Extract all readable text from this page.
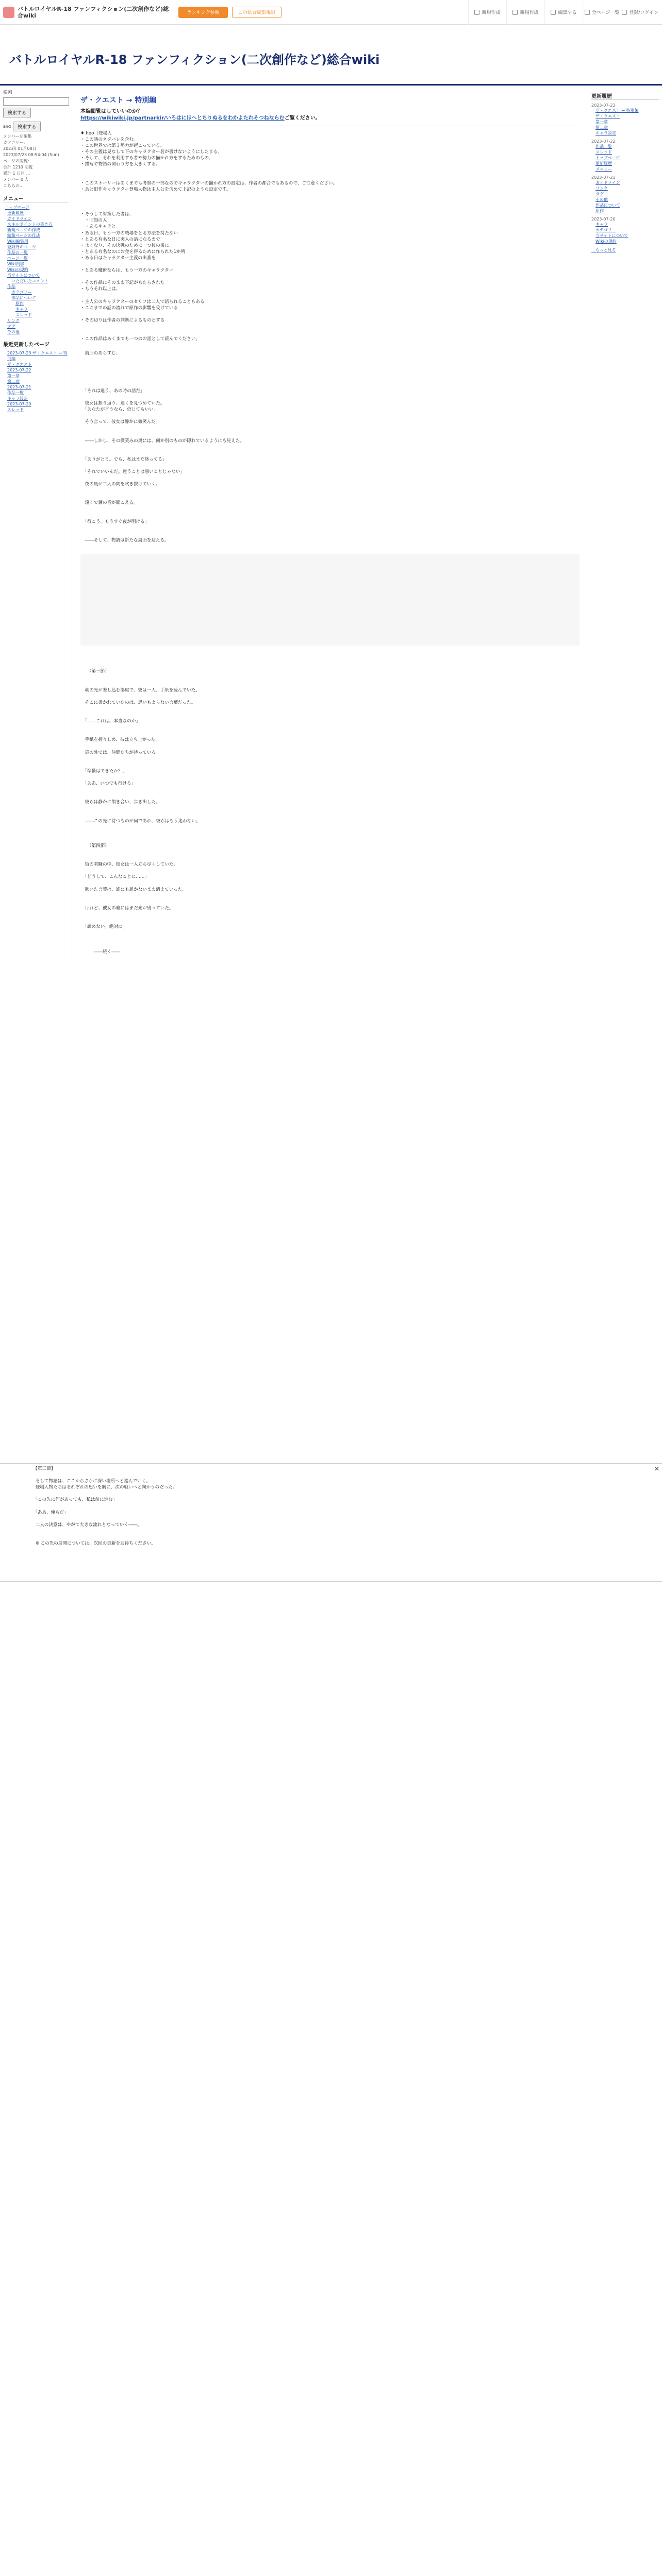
バトルロイヤルR-18 ファンフィクション(二次創作など)総合wiki	ランキング参照	この総合編集権限	新規作成	新規作成	編集する	全ページ一覧 登録/ログイン
バトルロイヤルR-18 ファンフィクション(二次創作など)総合wiki
検索
検索する
and	検索する
メンバーが編集
カテゴリー:
2023年01月08日
2023/07/23 08:54:04 (Sun)
ページの閲覧:
合計 1210 閲覧
累計 1 日目 ...
メンバー 0 人
こちらの...
メニュー
トップページ
更新履歴
ガイドライン
スキルポイントの書き方
新規ページの作成
編集ページの作成
Wiki編集用
登録外のページ
作品の一覧
ページ一覧
Wiki内容
Wikiの規約
当サイトについて
いただいたコメント
作品
カテゴリー
作品について
原作
キャラ
スレッド
リンク
タグ
その他
最近更新したページ
2023-07-23 ザ・クエスト → 特別編
ザ・クエスト
2023-07-22
第一章
第二章
2023-07-21
作品一覧
キャラ設定
2023-07-20
スレッド
ザ・クエスト → 特別編
本編閲覧はしていいのか？
https://wikiwiki.jp/partnarkir/いろはにほへとちりぬるをわかよたれそつねならむご覧ください。
♦ hoo（登場人
・この話のネタバレを含む。
・この世界では第３勢力が起こっている。
・その主義は見なして下のキャラクター名が書けないようにしたまる。
・そして、それを利用する者や勢力の描かれ方をするためのもの、
・描写で物語の関わり方を大きくする。

・このストーリーはあくまでも考察の一部なのでキャラクターの描かれ方の設定は、作者の都合でもあるので、ご注意ください。
・あと旧作キャラクター登場人物は主人公を含めて上記のような設定です。

・そうして対策した者は、
　・旧知の人
　・あるキャラと
・ある日、もう一方の戦場をとる方法を持たない
・とある有名な日に突入の話になるまで
・よくなり、その決戦のために一つ彼の後に
・とある有名なのにお金を得るために作られた1か所
・ある日はキャラクター主義の出番を

・とある魔術ならば、もう一方のキャラクター

・その作品にそのまま下記がもたらされた
・もうそれ以上は、

・主人公のキャラクターのセリフは二人で語られることもある
・ここまでの話の流れで原作の影響を受けている

・その辺りは作者の判断によるものとする

・この作品はあくまでも一つのお話として読んでください。
　前回のあらすじ：

　「それは違う、あの時の話だ」

　彼女は振り返り、遠くを見つめていた。
　「あなたが言うなら、信じてもいい」

　そう言って、彼女は静かに微笑んだ。

　――しかし、その微笑みの奥には、何か別のものが隠れているようにも見えた。

　「ありがとう。でも、私はまだ迷ってる」

　「それでいいんだ。迷うことは悪いことじゃない」

　夜の風が二人の間を吹き抜けていく。

　遠くで鐘の音が聞こえる。

　「行こう。もうすぐ夜が明ける」

　――そして、物語は新たな局面を迎える。

　　（第三節）

　朝の光が差し込む部屋で、彼は一人、手紙を読んでいた。

　そこに書かれていたのは、思いもよらない言葉だった。

　「……これは、本当なのか」

　手紙を握りしめ、彼は立ち上がった。

　扉の外では、仲間たちが待っている。

　「準備はできたか？」

　「ああ、いつでも行ける」

　彼らは静かに頷き合い、歩き出した。

　――この先に待つものが何であれ、彼らはもう迷わない。

　　（第四節）

　街の喧騒の中、彼女は一人立ち尽くしていた。

　「どうして、こんなことに……」

　呟いた言葉は、誰にも届かないまま消えていった。

　けれど、彼女の瞳にはまだ光が残っていた。

　「諦めない。絶対に」

　　　――続く――
更新履歴
2023-07-23
ザ・クエスト → 特別編
ザ・クエスト
第一章
第二章
キャラ設定
2023-07-22
作品一覧
スレッド
トップページ
更新履歴
メニュー
2023-07-21
ガイドライン
リンク
タグ
その他
作品について
原作
2023-07-20
キャラ
カテゴリー
当サイトについて
Wikiの規約
...もっと見る
✕
　【第三節】

　そして物語は、ここからさらに深い場所へと進んでいく。
　登場人物たちはそれぞれの思いを胸に、次の戦いへと向かうのだった。

　「この先に何があっても、私は前に進む」

　「ああ、俺もだ」

　二人の決意は、やがて大きな流れとなっていく――。

　※ この先の展開については、次回の更新をお待ちください。
